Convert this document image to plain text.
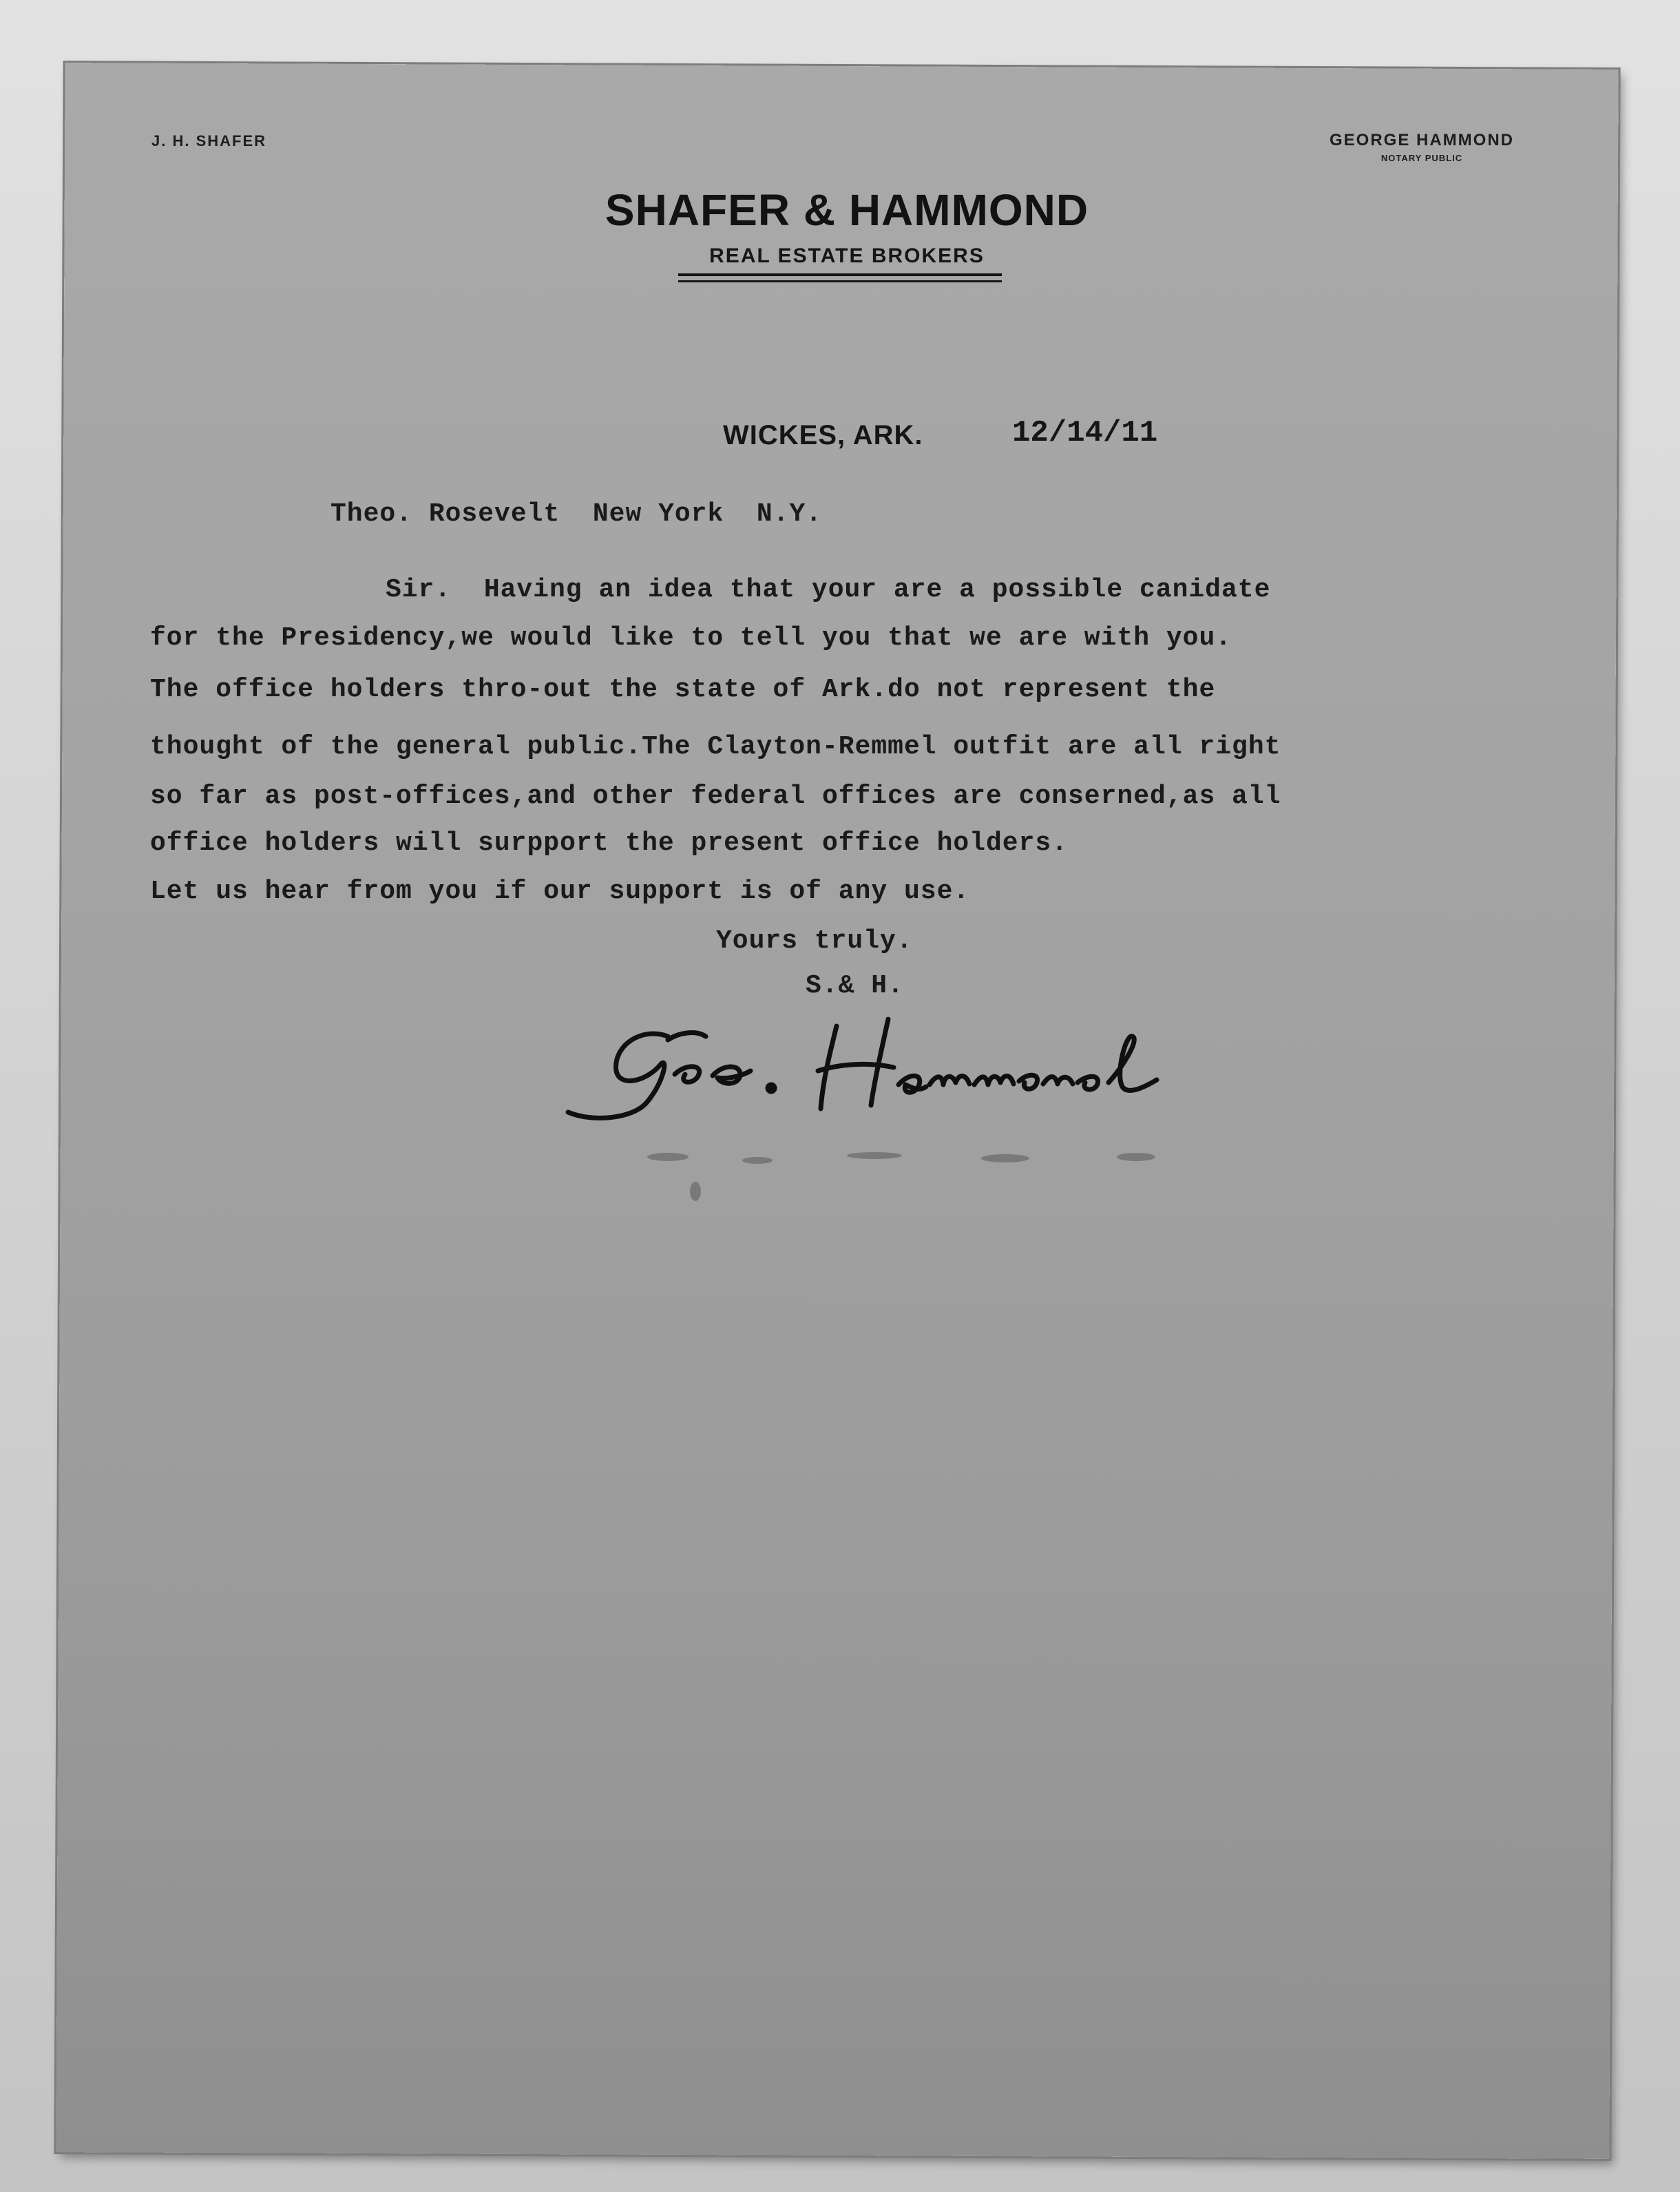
J. H. SHAFER	GEORGE HAMMOND
NOTARY PUBLIC
SHAFER & HAMMOND
REAL ESTATE BROKERS
WICKES, ARK.	12/14/11
Theo. Rosevelt  New York  N.Y.
Sir.  Having an idea that your are a possible canidate
for the Presidency,we would like to tell you that we are with you.
The office holders thro-out the state of Ark.do not represent the
thought of the general public.The Clayton-Remmel outfit are all right
so far as post-offices,and other federal offices are conserned,as all
office holders will surpport the present office holders.
Let us hear from you if our support is of any use.
Yours truly.
S.& H.
